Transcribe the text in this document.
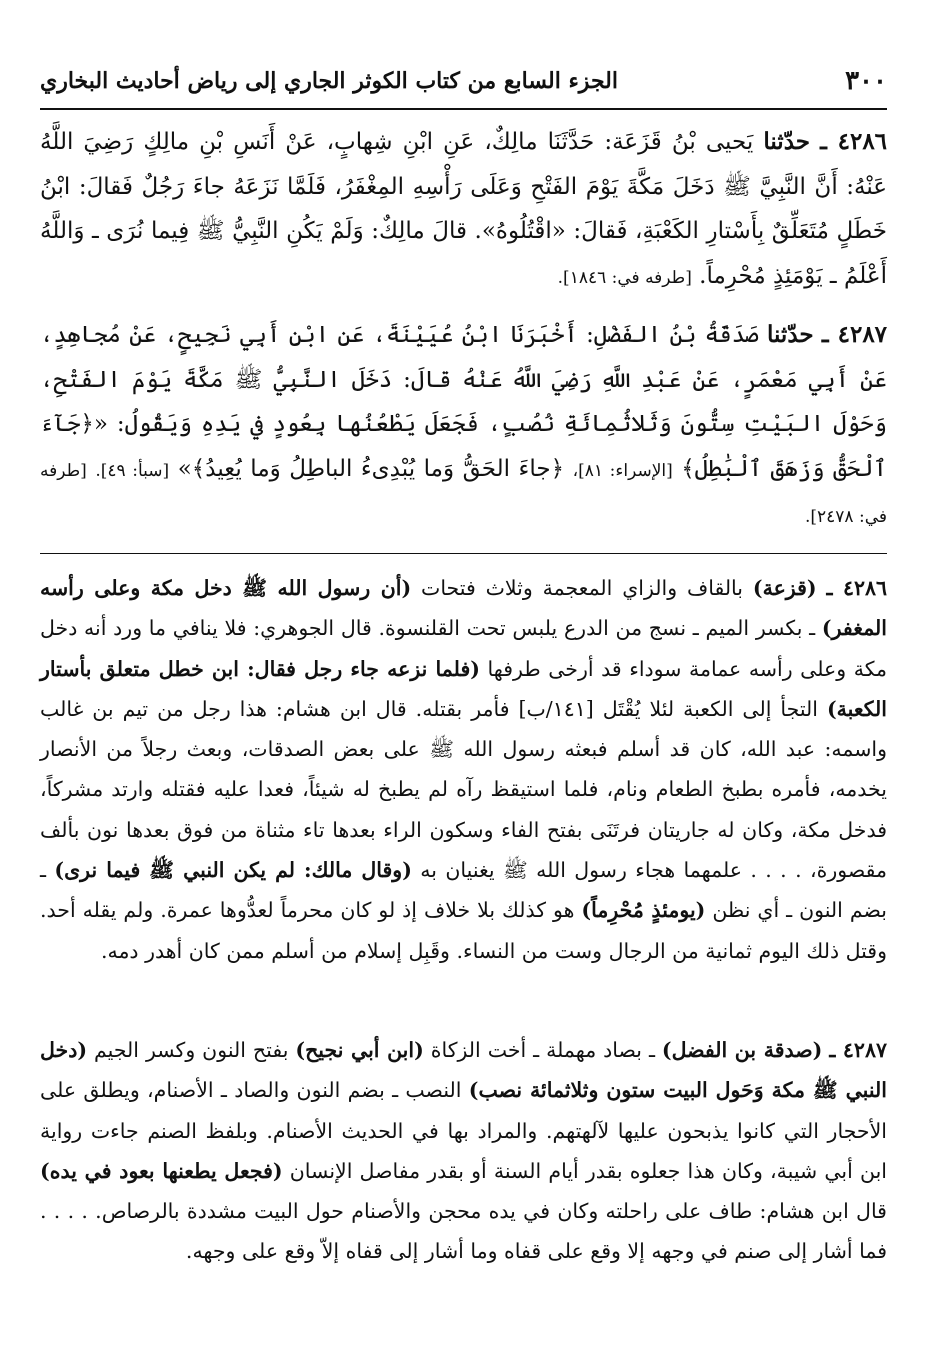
٣٠٠
الجزء السابع من كتاب الكوثر الجاري إلى رياض أحاديث البخاري
٤٢٨٦ ـ حدّثنا يَحيى بْنُ قَزَعَة: حَدَّثَنَا مالِكٌ، عَنِ ابْنِ شِهابٍ، عَنْ أَنَسِ بْنِ مالِكٍ رَضِيَ اللَّهُ عَنْهُ: أَنَّ النَّبِيَّ ﷺ دَخَلَ مَكَّةَ يَوْمَ الفَتْحِ وَعَلَى رَأْسِهِ المِغْفَرُ، فَلَمَّا نَزَعَهُ جاءَ رَجُلٌ فَقالَ: ابْنُ خَطَلٍ مُتَعَلِّقٌ بِأَسْتارِ الكَعْبَةِ، فَقالَ: «اقْتُلُوهُ». قالَ مالِكٌ: وَلَمْ يَكُنِ النَّبِيُّ ﷺ فِيما نُرَى ـ وَاللَّهُ أَعْلَمُ ـ يَوْمَئِذٍ مُحْرِماً. [طرفه في: ١٨٤٦].
٤٢٨٧ ـ حدّثنا صَدَقَةُ بْنُ الفَضْلِ: أَخْبَرَنَا ابْنُ عُيَيْنَةَ، عَنِ ابْنِ أَبِي نَجِيحٍ، عَنْ مُجاهِدٍ، عَنْ أَبِي مَعْمَرٍ، عَنْ عَبْدِ اللَّهِ رَضِيَ اللَّهُ عَنْهُ قالَ: دَخَلَ النَّبِيُّ ﷺ مَكَّةَ يَوْمَ الفَتْحِ، وَحَوْلَ البَيْتِ سِتُّونَ وَثَلاثُمِائَةِ نُصُبٍ، فَجَعَلَ يَطْعُنُها بِعُودٍ في يَدِهِ وَيَقُولُ: «﴿جَآءَ ٱلْحَقُّ وَزَهَقَ ٱلْبَٰطِلُ﴾ [الإسراء: ٨١]، ﴿جاءَ الحَقُّ وَما يُبْدِىءُ الباطِلُ وَما يُعِيدُ﴾» [سبأ: ٤٩]. [طرفه في: ٢٤٧٨].
٤٢٨٦ ـ (قزعة) بالقاف والزاي المعجمة وثلاث فتحات (أن رسول الله ﷺ دخل مكة وعلى رأسه المغفر) ـ بكسر الميم ـ نسج من الدرع يلبس تحت القلنسوة. قال الجوهري: فلا ينافي ما ورد أنه دخل مكة وعلى رأسه عمامة سوداء قد أرخى طرفها (فلما نزعه جاء رجل فقال: ابن خطل متعلق بأستار الكعبة) التجأ إلى الكعبة لئلا يُقْتَل [١٤١/ب] فأمر بقتله. قال ابن هشام: هذا رجل من تيم بن غالب واسمه: عبد الله، كان قد أسلم فبعثه رسول الله ﷺ على بعض الصدقات، وبعث رجلاً من الأنصار يخدمه، فأمره بطبخ الطعام ونام، فلما استيقظ رآه لم يطبخ له شيئاً، فعدا عليه فقتله وارتد مشركاً، فدخل مكة، وكان له جاريتان فرتَنَى بفتح الفاء وسكون الراء بعدها تاء مثناة من فوق بعدها نون بألف مقصورة، . . . . علمهما هجاء رسول الله ﷺ يغنيان به (وقال مالك: لم يكن النبي ﷺ فيما نرى) ـ بضم النون ـ أي نظن (يومئذٍ مُحْرِماً) هو كذلك بلا خلاف إذ لو كان محرماً لعدُّوها عمرة. ولم يقله أحد. وقتل ذلك اليوم ثمانية من الرجال وست من النساء. وقَبِل إسلام من أسلم ممن كان أهدر دمه.
٤٢٨٧ ـ (صدقة بن الفضل) ـ بصاد مهملة ـ أخت الزكاة (ابن أبي نجيح) بفتح النون وكسر الجيم (دخل النبي ﷺ مكة وَحَول البيت ستون وثلاثمائة نصب) النصب ـ بضم النون والصاد ـ الأصنام، ويطلق على الأحجار التي كانوا يذبحون عليها لآلهتهم. والمراد بها في الحديث الأصنام. وبلفظ الصنم جاءت رواية ابن أبي شيبة، وكان هذا جعلوه بقدر أيام السنة أو بقدر مفاصل الإنسان (فجعل يطعنها بعود في يده) قال ابن هشام: طاف على راحلته وكان في يده محجن والأصنام حول البيت مشددة بالرصاص. . . . . فما أشار إلى صنم في وجهه إلا وقع على قفاه وما أشار إلى قفاه إلاّ وقع على وجهه.
